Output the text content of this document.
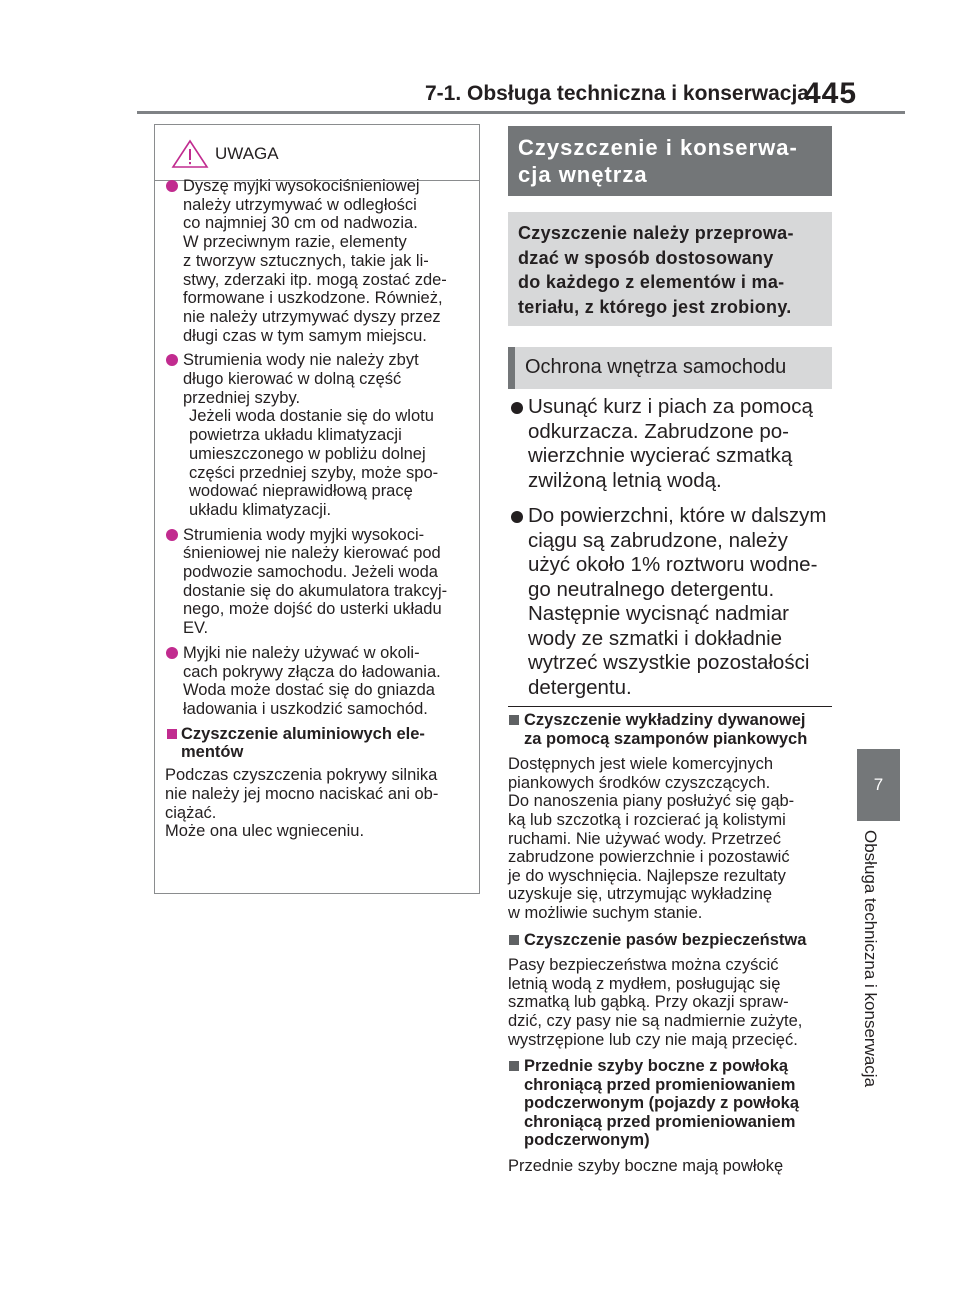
7-1. Obsługa techniczna i konserwacja
445
7
Obsługa techniczna i konserwacja
UWAGA
Dyszę myjki wysokociśnieniowej
należy utrzymywać w odległości
co najmniej 30 cm od nadwozia.
W przeciwnym razie, elementy
z tworzyw sztucznych, takie jak li-
stwy, zderzaki itp. mogą zostać zde-
formowane i uszkodzone. Również,
nie należy utrzymywać dyszy przez
długi czas w tym samym miejscu.
Strumienia wody nie należy zbyt
długo kierować w dolną część
przedniej szyby.
Jeżeli woda dostanie się do wlotu
powietrza układu klimatyzacji
umieszczonego w pobliżu dolnej
części przedniej szyby, może spo-
wodować nieprawidłową pracę
układu klimatyzacji.
Strumienia wody myjki wysokoci-
śnieniowej nie należy kierować pod
podwozie samochodu. Jeżeli woda
dostanie się do akumulatora trakcyj-
nego, może dojść do usterki układu
EV.
Myjki nie należy używać w okoli-
cach pokrywy złącza do ładowania.
Woda może dostać się do gniazda
ładowania i uszkodzić samochód.
Czyszczenie aluminiowych ele-
mentów
Podczas czyszczenia pokrywy silnika
nie należy jej mocno naciskać ani ob-
ciążać.
Może ona ulec wgnieceniu.
Czyszczenie i konserwa-
cja wnętrza
Czyszczenie należy przeprowa-
dzać w sposób dostosowany
do każdego z elementów i ma-
teriału, z którego jest zrobiony.
Ochrona wnętrza samochodu
Usunąć kurz i piach za pomocą
odkurzacza. Zabrudzone po-
wierzchnie wycierać szmatką
zwilżoną letnią wodą.
Do powierzchni, które w dalszym
ciągu są zabrudzone, należy
użyć około 1% roztworu wodne-
go neutralnego detergentu.
Następnie wycisnąć nadmiar
wody ze szmatki i dokładnie
wytrzeć wszystkie pozostałości
detergentu.
Czyszczenie wykładziny dywanowej
za pomocą szamponów piankowych
Dostępnych jest wiele komercyjnych
piankowych środków czyszczących.
Do nanoszenia piany posłużyć się gąb-
ką lub szczotką i rozcierać ją kolistymi
ruchami. Nie używać wody. Przetrzeć
zabrudzone powierzchnie i pozostawić
je do wyschnięcia. Najlepsze rezultaty
uzyskuje się, utrzymując wykładzinę
w możliwie suchym stanie.
Czyszczenie pasów bezpieczeństwa
Pasy bezpieczeństwa można czyścić
letnią wodą z mydłem, posługując się
szmatką lub gąbką. Przy okazji spraw-
dzić, czy pasy nie są nadmiernie zużyte,
wystrzępione lub czy nie mają przecięć.
Przednie szyby boczne z powłoką
chroniącą przed promieniowaniem
podczerwonym (pojazdy z powłoką
chroniącą przed promieniowaniem
podczerwonym)
Przednie szyby boczne mają powłokę
